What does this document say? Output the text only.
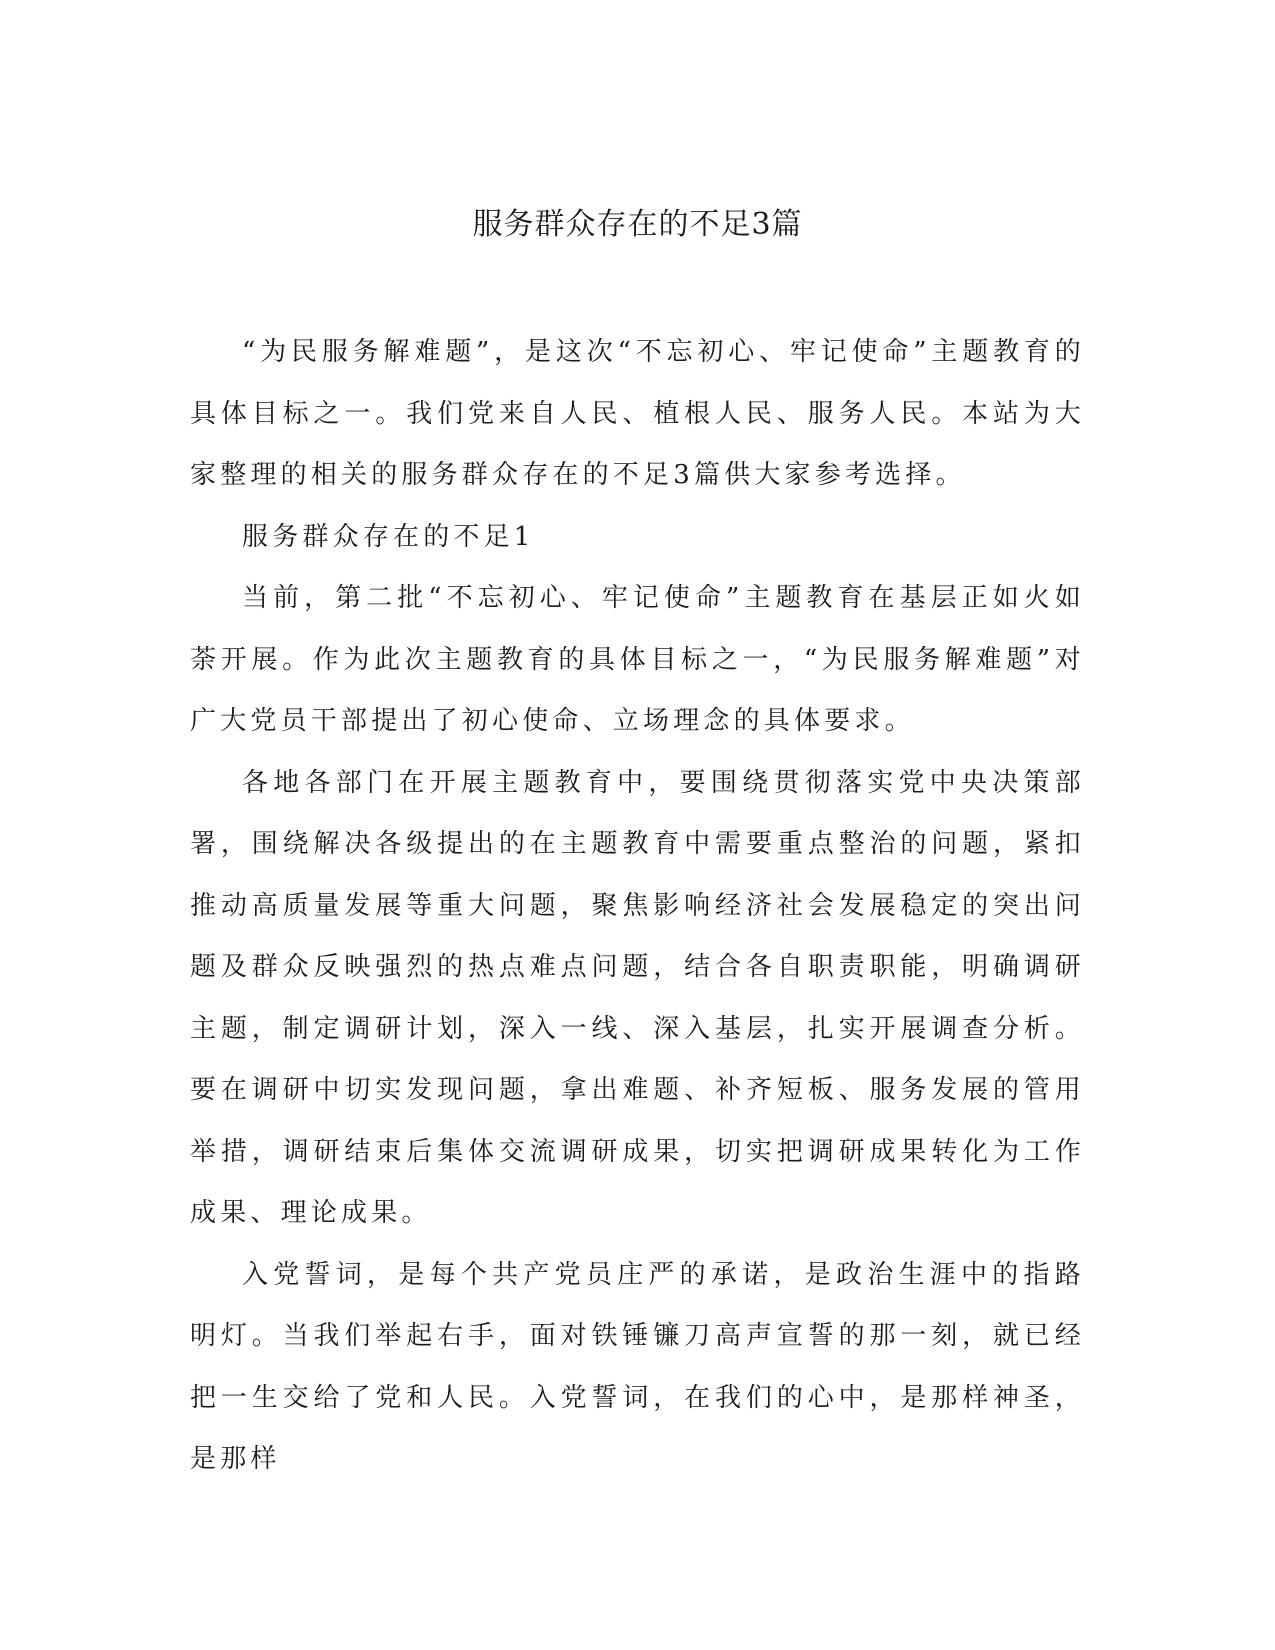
服务群众存在的不足3篇

“为民服务解难题”，是这次“不忘初心、牢记使命”主题教育的具体目标之一。我们党来自人民、植根人民、服务人民。本站为大家整理的相关的服务群众存在的不足3篇供大家参考选择。

服务群众存在的不足1

当前，第二批“不忘初心、牢记使命”主题教育在基层正如火如荼开展。作为此次主题教育的具体目标之一，“为民服务解难题”对广大党员干部提出了初心使命、立场理念的具体要求。

各地各部门在开展主题教育中，要围绕贯彻落实党中央决策部署，围绕解决各级提出的在主题教育中需要重点整治的问题，紧扣推动高质量发展等重大问题，聚焦影响经济社会发展稳定的突出问题及群众反映强烈的热点难点问题，结合各自职责职能，明确调研主题，制定调研计划，深入一线、深入基层，扎实开展调查分析。要在调研中切实发现问题，拿出难题、补齐短板、服务发展的管用举措，调研结束后集体交流调研成果，切实把调研成果转化为工作成果、理论成果。

入党誓词，是每个共产党员庄严的承诺，是政治生涯中的指路明灯。当我们举起右手，面对铁锤镰刀高声宣誓的那一刻，就已经把一生交给了党和人民。入党誓词，在我们的心中，是那样神圣，是那样
